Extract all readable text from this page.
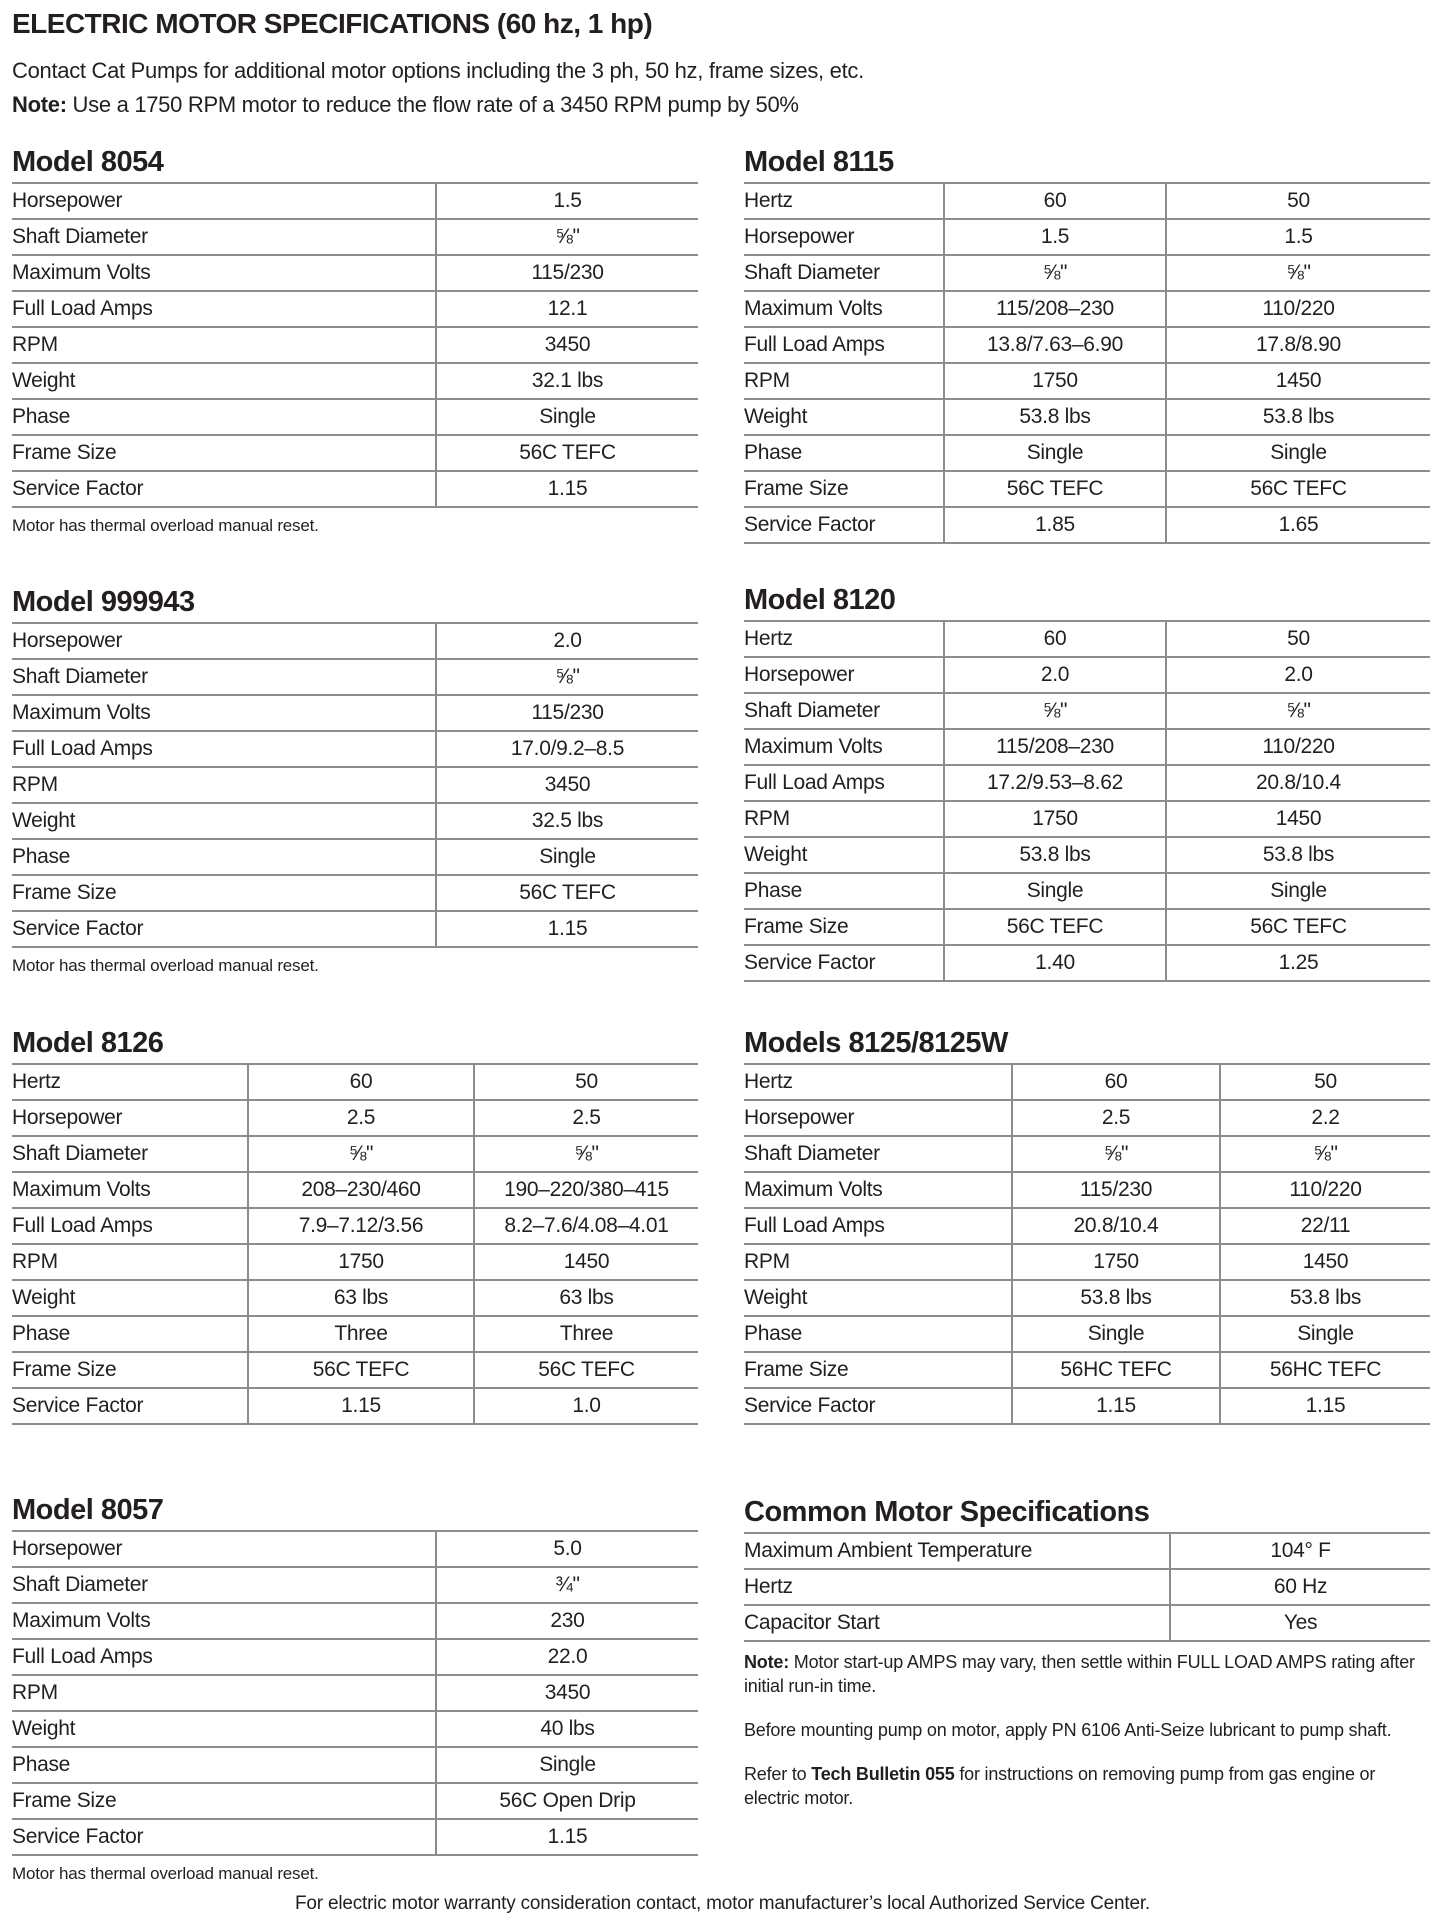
ELECTRIC MOTOR SPECIFICATIONS (60 hz, 1 hp)
Contact Cat Pumps for additional motor options including the 3 ph, 50 hz, frame sizes, etc.
Note: Use a 1750 RPM motor to reduce the flow rate of a 3450 RPM pump by 50%
Model 8054
Horsepower	1.5
Shaft Diameter	⅝"
Maximum Volts	115/230
Full Load Amps	12.1
RPM	3450
Weight	32.1 lbs
Phase	Single
Frame Size	56C TEFC
Service Factor	1.15
Motor has thermal overload manual reset.
Model 8115
Hertz	60	50
Horsepower	1.5	1.5
Shaft Diameter	⅝"	⅝"
Maximum Volts	115/208–230	110/220
Full Load Amps	13.8/7.63–6.90	17.8/8.90
RPM	1750	1450
Weight	53.8 lbs	53.8 lbs
Phase	Single	Single
Frame Size	56C TEFC	56C TEFC
Service Factor	1.85	1.65
Model 999943
Horsepower	2.0
Shaft Diameter	⅝"
Maximum Volts	115/230
Full Load Amps	17.0/9.2–8.5
RPM	3450
Weight	32.5 lbs
Phase	Single
Frame Size	56C TEFC
Service Factor	1.15
Motor has thermal overload manual reset.
Model 8120
Hertz	60	50
Horsepower	2.0	2.0
Shaft Diameter	⅝"	⅝"
Maximum Volts	115/208–230	110/220
Full Load Amps	17.2/9.53–8.62	20.8/10.4
RPM	1750	1450
Weight	53.8 lbs	53.8 lbs
Phase	Single	Single
Frame Size	56C TEFC	56C TEFC
Service Factor	1.40	1.25
Model 8126
Hertz	60	50
Horsepower	2.5	2.5
Shaft Diameter	⅝"	⅝"
Maximum Volts	208–230/460	190–220/380–415
Full Load Amps	7.9–7.12/3.56	8.2–7.6/4.08–4.01
RPM	1750	1450
Weight	63 lbs	63 lbs
Phase	Three	Three
Frame Size	56C TEFC	56C TEFC
Service Factor	1.15	1.0
Models 8125/8125W
Hertz	60	50
Horsepower	2.5	2.2
Shaft Diameter	⅝"	⅝"
Maximum Volts	115/230	110/220
Full Load Amps	20.8/10.4	22/11
RPM	1750	1450
Weight	53.8 lbs	53.8 lbs
Phase	Single	Single
Frame Size	56HC TEFC	56HC TEFC
Service Factor	1.15	1.15
Model 8057
Horsepower	5.0
Shaft Diameter	¾"
Maximum Volts	230
Full Load Amps	22.0
RPM	3450
Weight	40 lbs
Phase	Single
Frame Size	56C Open Drip
Service Factor	1.15
Motor has thermal overload manual reset.
Common Motor Specifications
Maximum Ambient Temperature	104° F
Hertz	60 Hz
Capacitor Start	Yes

Note: Motor start-up AMPS may vary, then settle within FULL LOAD AMPS rating after initial run-in time.

Before mounting pump on motor, apply PN 6106 Anti-Seize lubricant to pump shaft.

Refer to Tech Bulletin 055 for instructions on removing pump from gas engine or electric motor.

For electric motor warranty consideration contact, motor manufacturer’s local Authorized Service Center.
